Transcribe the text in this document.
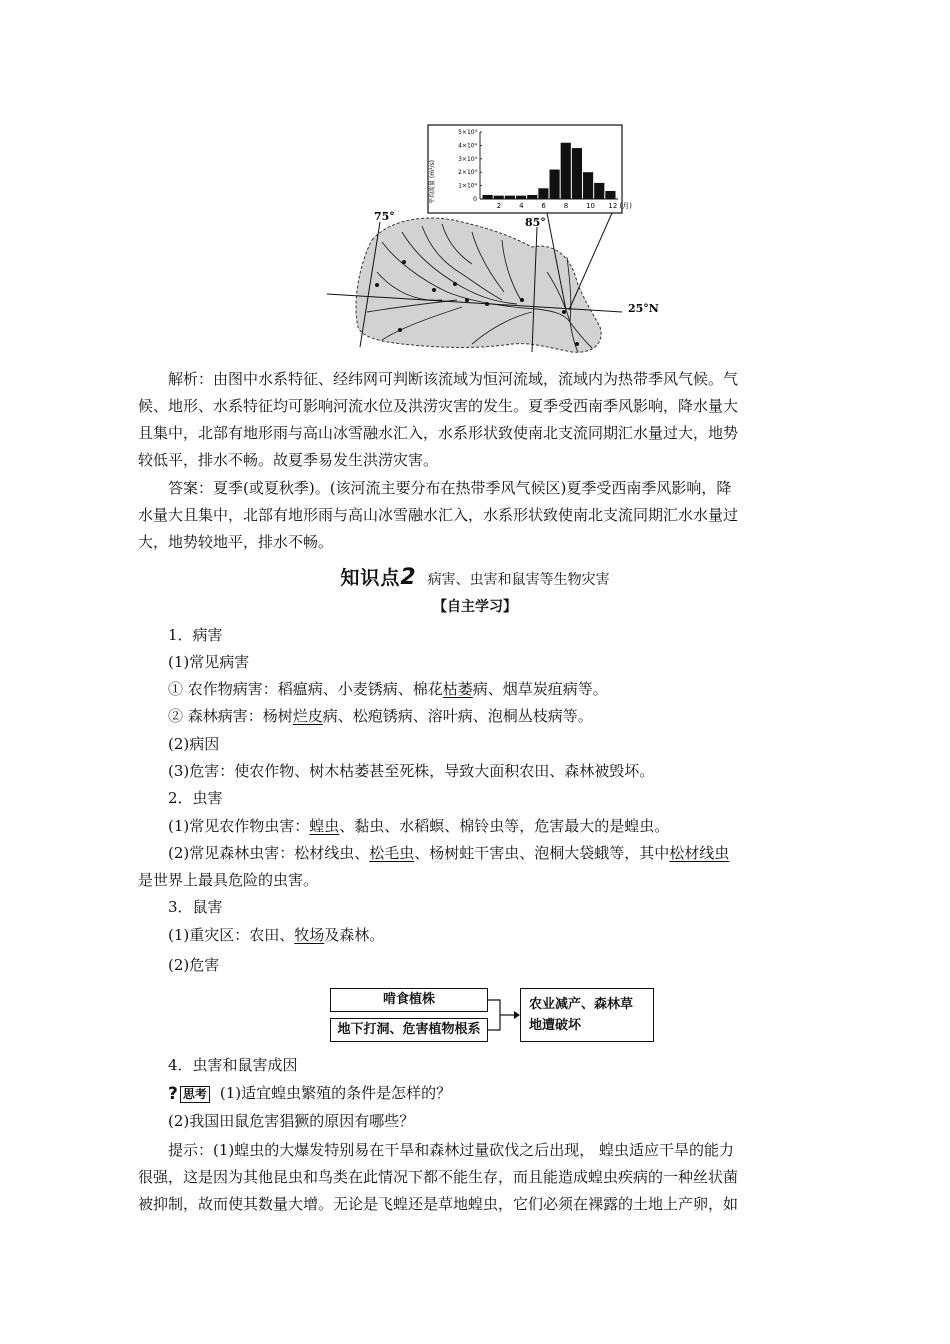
75°	85°
25°N
平均流量 (m³/s)
5×10⁴
4×10⁴
3×10⁴
2×10⁴
1×10⁴
0
2	4	6	8	10 12 (月)
解析：由图中水系特征、经纬网可判断该流域为恒河流域，流域内为热带季风气候。气
候、地形、水系特征均可影响河流水位及洪涝灾害的发生。夏季受西南季风影响，降水量大
且集中，北部有地形雨与高山冰雪融水汇入，水系形状致使南北支流同期汇水量过大，地势
较低平，排水不畅。故夏季易发生洪涝灾害。
答案：夏季(或夏秋季)。(该河流主要分布在热带季风气候区)夏季受西南季风影响，降
水量大且集中，北部有地形雨与高山冰雪融水汇入，水系形状致使南北支流同期汇水水量过
大，地势较地平，排水不畅。
知识点2 病害、虫害和鼠害等生物灾害
【自主学习】
1．病害
(1)常见病害
① 农作物病害：稻瘟病、小麦锈病、棉花枯萎病、烟草炭疽病等。
② 森林病害：杨树烂皮病、松疱锈病、溶叶病、泡桐丛枝病等。
(2)病因
(3)危害：使农作物、树木枯萎甚至死株，导致大面积农田、森林被毁坏。
2．虫害
(1)常见农作物虫害：蝗虫、黏虫、水稻螟、棉铃虫等，危害最大的是蝗虫。
(2)常见森林虫害：松材线虫、松毛虫、杨树蛀干害虫、泡桐大袋蛾等，其中松材线虫
是世界上最具危险的虫害。
3．鼠害
(1)重灾区：农田、牧场及森林。
(2)危害
啃食植株
地下打洞、危害植物根系
农业减产、森林草
地遭破坏
4．虫害和鼠害成因
? 思考 (1)适宜蝗虫繁殖的条件是怎样的？
(2)我国田鼠危害猖獗的原因有哪些？
提示：(1)蝗虫的大爆发特别易在干旱和森林过量砍伐之后出现， 蝗虫适应干旱的能力
很强，这是因为其他昆虫和鸟类在此情况下都不能生存，而且能造成蝗虫疾病的一种丝状菌
被抑制，故而使其数量大增。无论是飞蝗还是草地蝗虫，它们必须在裸露的土地上产卵，如
